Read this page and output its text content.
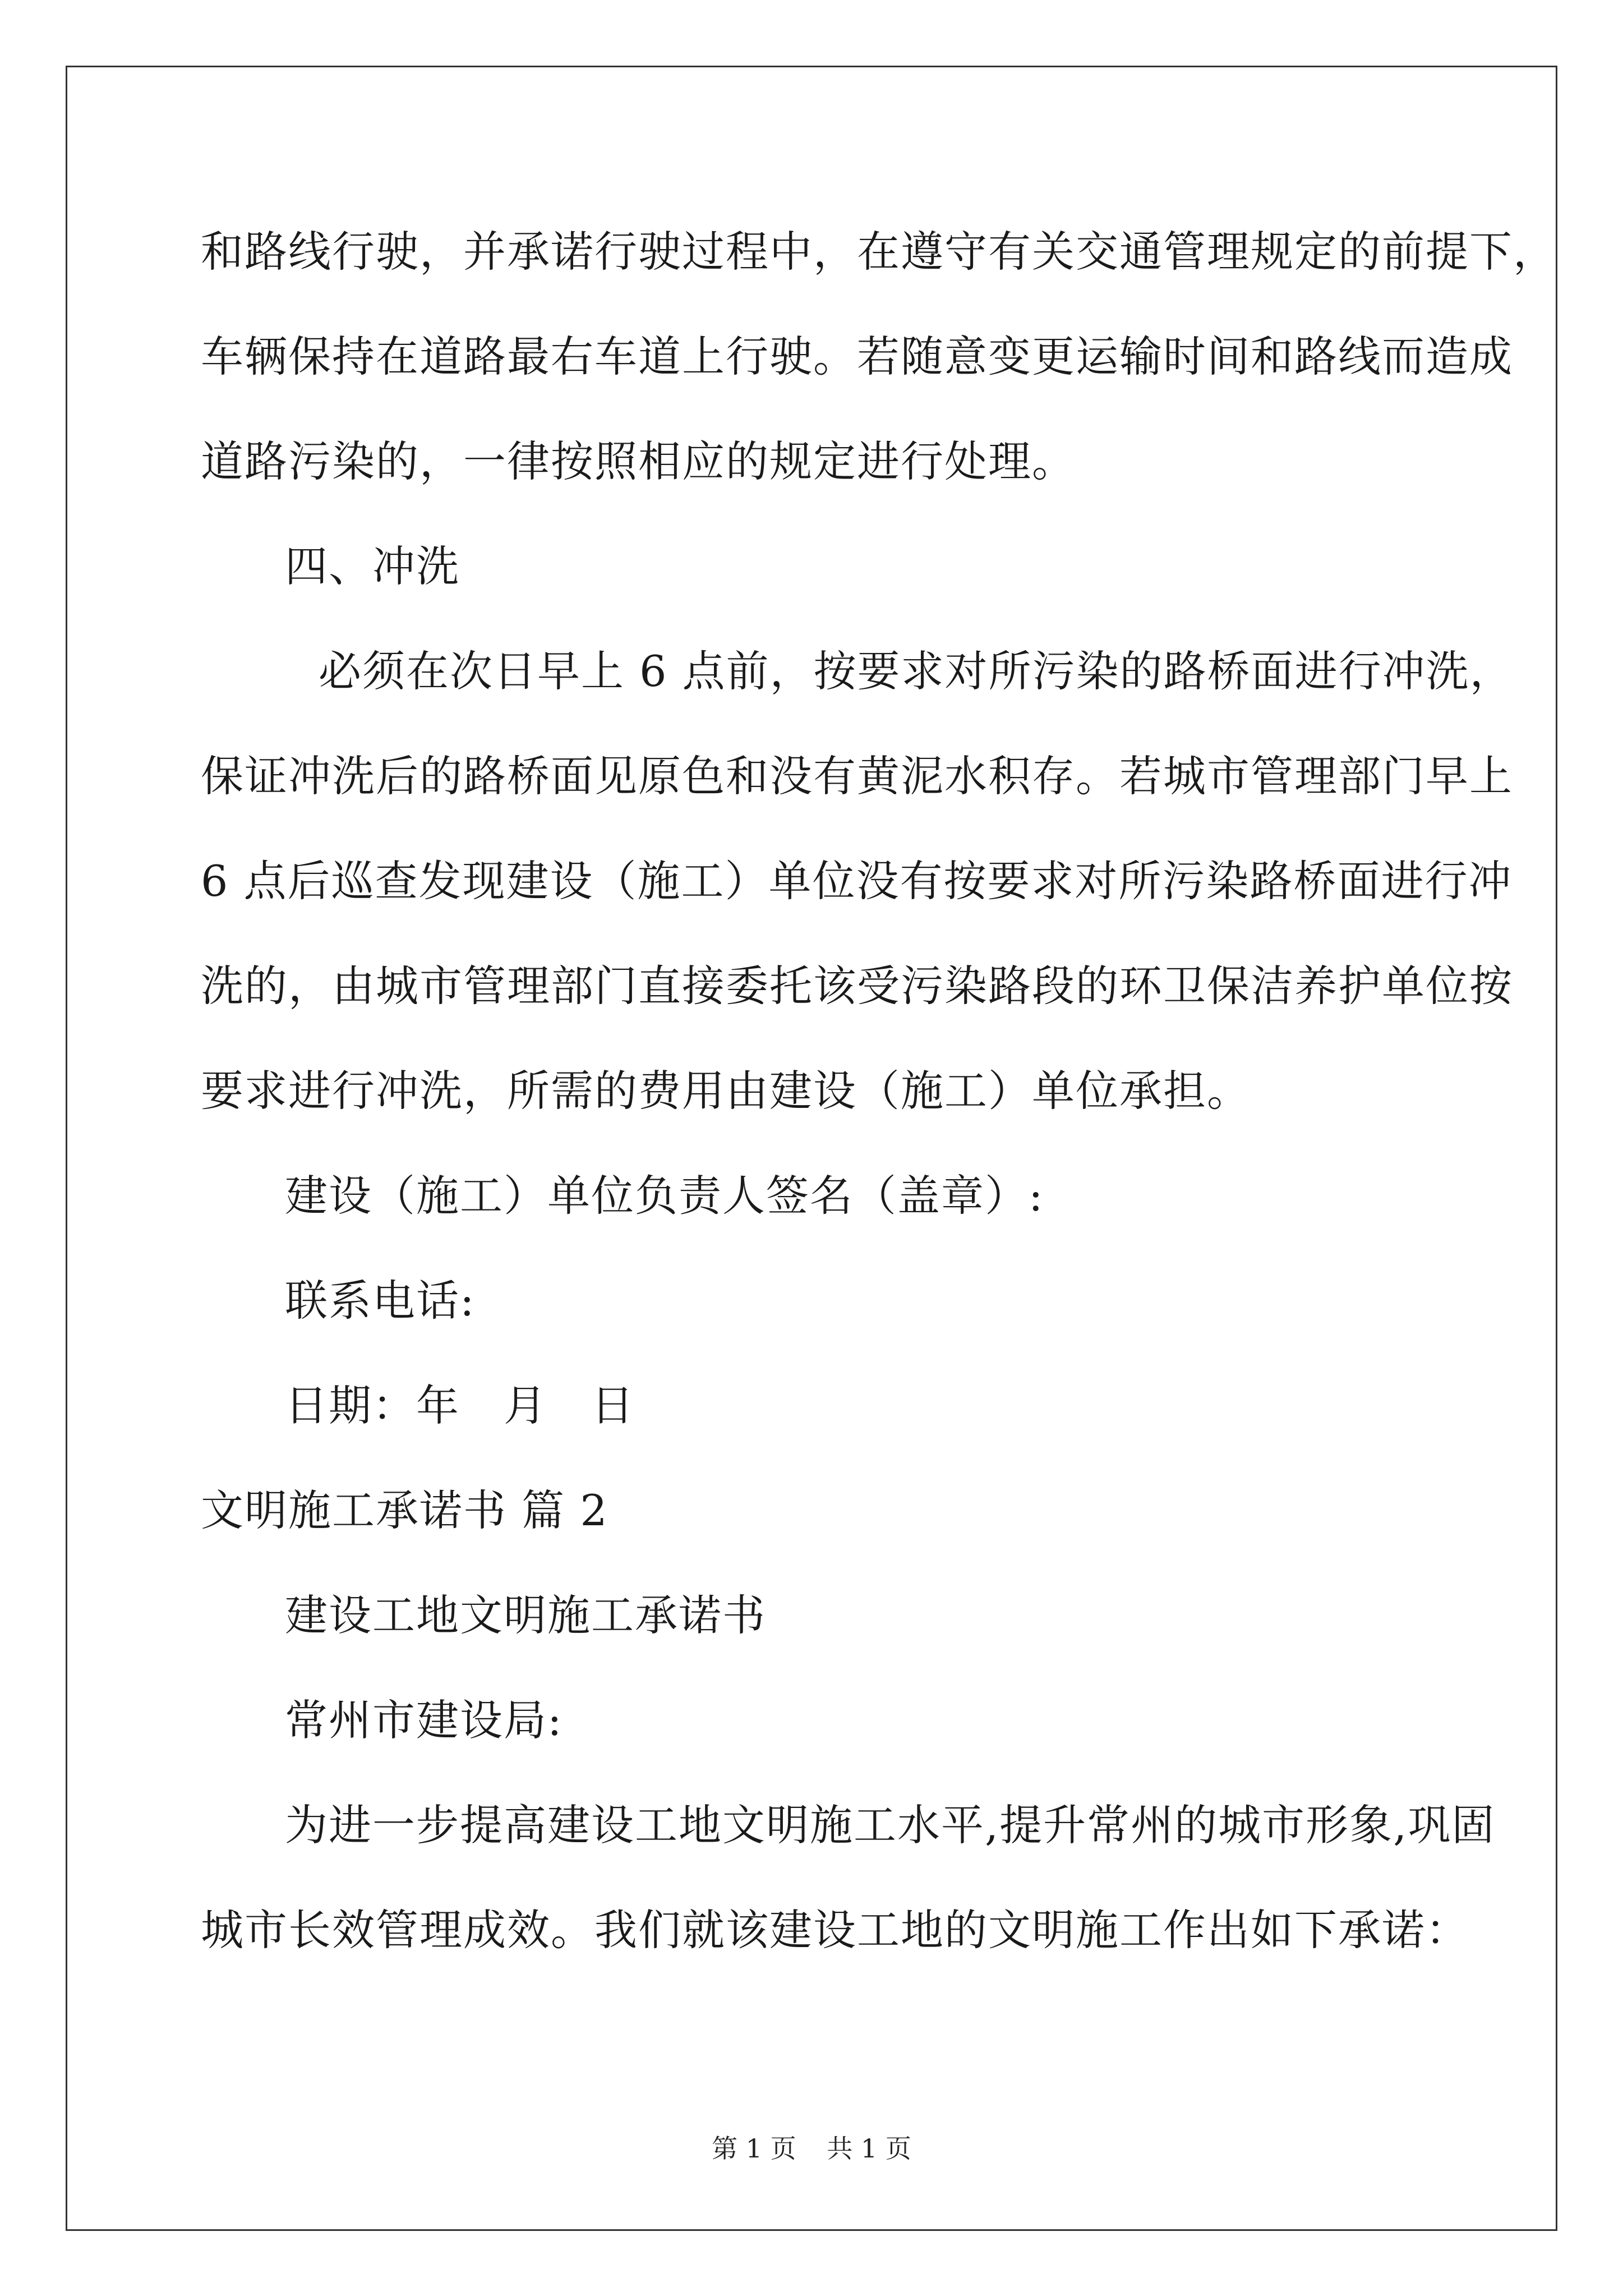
和路线行驶，并承诺行驶过程中，在遵守有关交通管理规定的前提下，
车辆保持在道路最右车道上行驶。若随意变更运输时间和路线而造成
道路污染的，一律按照相应的规定进行处理。
四、冲洗
必须在次日早上 6 点前，按要求对所污染的路桥面进行冲洗，
保证冲洗后的路桥面见原色和没有黄泥水积存。若城市管理部门早上
6 点后巡查发现建设（施工）单位没有按要求对所污染路桥面进行冲
洗的，由城市管理部门直接委托该受污染路段的环卫保洁养护单位按
要求进行冲洗，所需的费用由建设（施工）单位承担。
建设（施工）单位负责人签名（盖章）:
联系电话:
日期：年　月　日
文明施工承诺书 篇 2
建设工地文明施工承诺书
常州市建设局:
为进一步提高建设工地文明施工水平,提升常州的城市形象,巩固
城市长效管理成效。我们就该建设工地的文明施工作出如下承诺：
第 1 页 共 1 页
